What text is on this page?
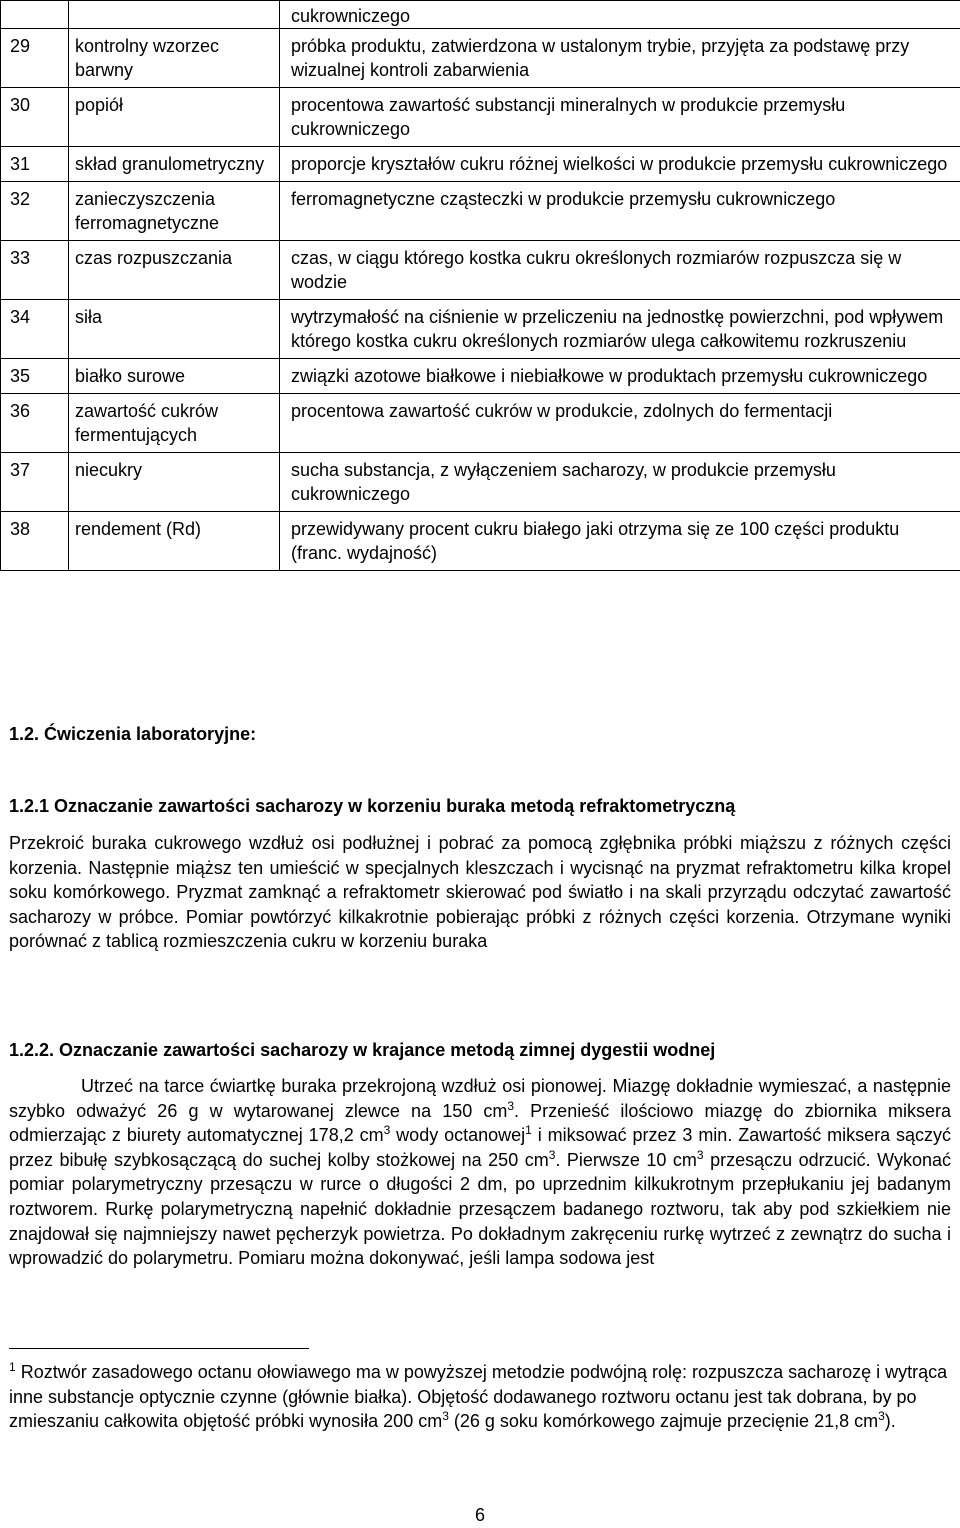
		cukrowniczego
29	kontrolny wzorzec barwny	próbka produktu, zatwierdzona w ustalonym trybie, przyjęta za podstawę przy wizualnej kontroli zabarwienia
30	popiół	procentowa zawartość substancji mineralnych w produkcie przemysłu cukrowniczego
31	skład granulometryczny	proporcje kryształów cukru różnej wielkości w produkcie przemysłu cukrowniczego
32	zanieczyszczenia ferromagnetyczne	ferromagnetyczne cząsteczki w produkcie przemysłu cukrowniczego
33	czas rozpuszczania	czas, w ciągu którego kostka cukru określonych rozmiarów rozpuszcza się w wodzie
34	siła	wytrzymałość na ciśnienie w przeliczeniu na jednostkę powierzchni, pod wpływem którego kostka cukru określonych rozmiarów ulega całkowitemu rozkruszeniu
35	białko surowe	związki azotowe białkowe i niebiałkowe w produktach przemysłu cukrowniczego
36	zawartość cukrów fermentujących	procentowa zawartość cukrów w produkcie, zdolnych do fermentacji
37	niecukry	sucha substancja, z wyłączeniem sacharozy, w produkcie przemysłu cukrowniczego
38	rendement (Rd)	przewidywany procent cukru białego jaki otrzyma się ze 100 części produktu (franc. wydajność)
1.2. Ćwiczenia laboratoryjne:
1.2.1 Oznaczanie zawartości sacharozy w korzeniu buraka metodą refraktometryczną

Przekroić buraka cukrowego wzdłuż osi podłużnej i pobrać za pomocą zgłębnika próbki miąższu z różnych części korzenia. Następnie miąższ ten umieścić w specjalnych kleszczach i wycisnąć na pryzmat refraktometru kilka kropel soku komórkowego. Pryzmat zamknąć a refraktometr skierować pod światło i na skali przyrządu odczytać zawartość sacharozy w próbce. Pomiar powtórzyć kilkakrotnie pobierając próbki z różnych części korzenia. Otrzymane wyniki porównać z tablicą rozmieszczenia cukru w korzeniu buraka

1.2.2. Oznaczanie zawartości sacharozy w krajance metodą zimnej dygestii wodnej

Utrzeć na tarce ćwiartkę buraka przekrojoną wzdłuż osi pionowej. Miazgę dokładnie wymieszać, a następnie szybko odważyć 26 g w wytarowanej zlewce na 150 $cm^3$. Przenieść ilościowo miazgę do zbiornika miksera odmierzając z biurety automatycznej 178,2 $cm^3$ wody octanowej$^1$ i miksować przez 3 min. Zawartość miksera sączyć przez bibułę szybkosączącą do suchej kolby stożkowej na 250 $cm^3$. Pierwsze 10 $cm^3$ przesączu odrzucić. Wykonać pomiar polarymetryczny przesączu w rurce o długości 2 dm, po uprzednim kilkukrotnym przepłukaniu jej badanym roztworem. Rurkę polarymetryczną napełnić dokładnie przesączem badanego roztworu, tak aby pod szkiełkiem nie znajdował się najmniejszy nawet pęcherzyk powietrza. Po dokładnym zakręceniu rurkę wytrzeć z zewnątrz do sucha i wprowadzić do polarymetru. Pomiaru można dokonywać, jeśli lampa sodowa jest

$^1$ Roztwór zasadowego octanu ołowiawego ma w powyższej metodzie podwójną rolę: rozpuszcza sacharozę i wytrąca inne substancje optycznie czynne (głównie białka). Objętość dodawanego roztworu octanu jest tak dobrana, by po zmieszaniu całkowita objętość próbki wynosiła 200 $cm^3$ (26 g soku komórkowego zajmuje przecięnie 21,8 $cm^3$).
6
